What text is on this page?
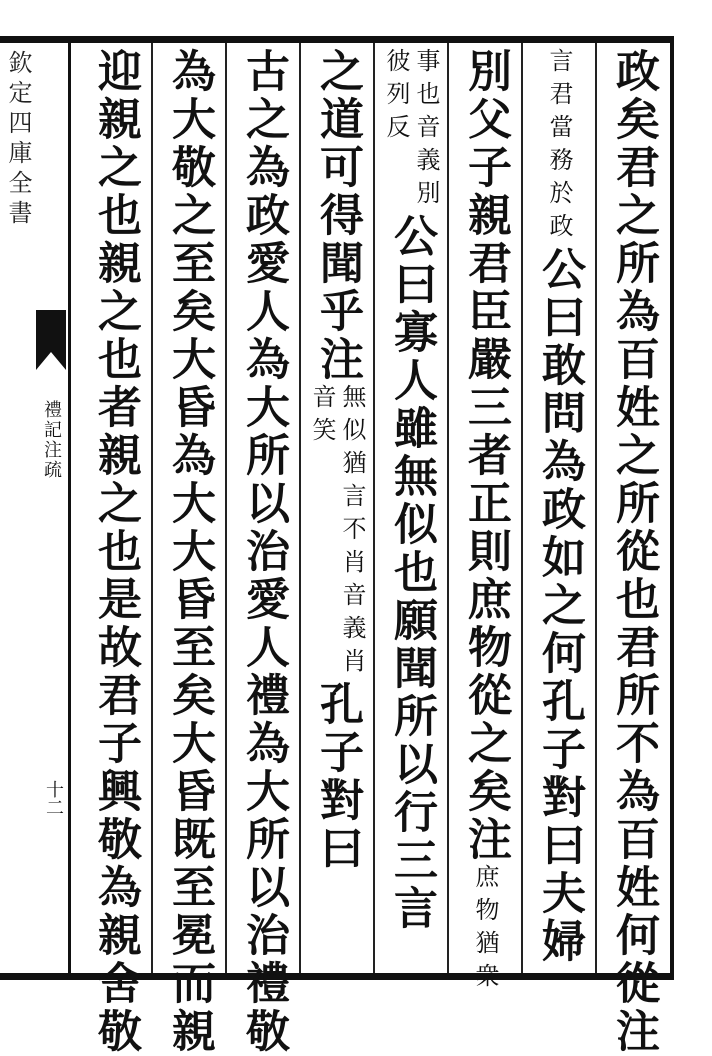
欽定四庫全書
禮記注疏
十二	政矣君之所為百姓之所從也君所不為百姓何從注
言君當務於政
公曰敢問為政如之何孔子對曰夫婦
別父子親君臣嚴三者正則庶物從之矣注
庶物猶衆
事也音義別
彼列反
公曰寡人雖無似也願聞所以行三言
之道可得聞乎注
無似猶言不肖音義肖
音笑
孔子對曰
古之為政愛人為大所以治愛人禮為大所以治禮敬
為大敬之至矣大昏為大大昏至矣大昏既至冕而親
迎親之也親之也者親之也是故君子興敬為親舍敬
